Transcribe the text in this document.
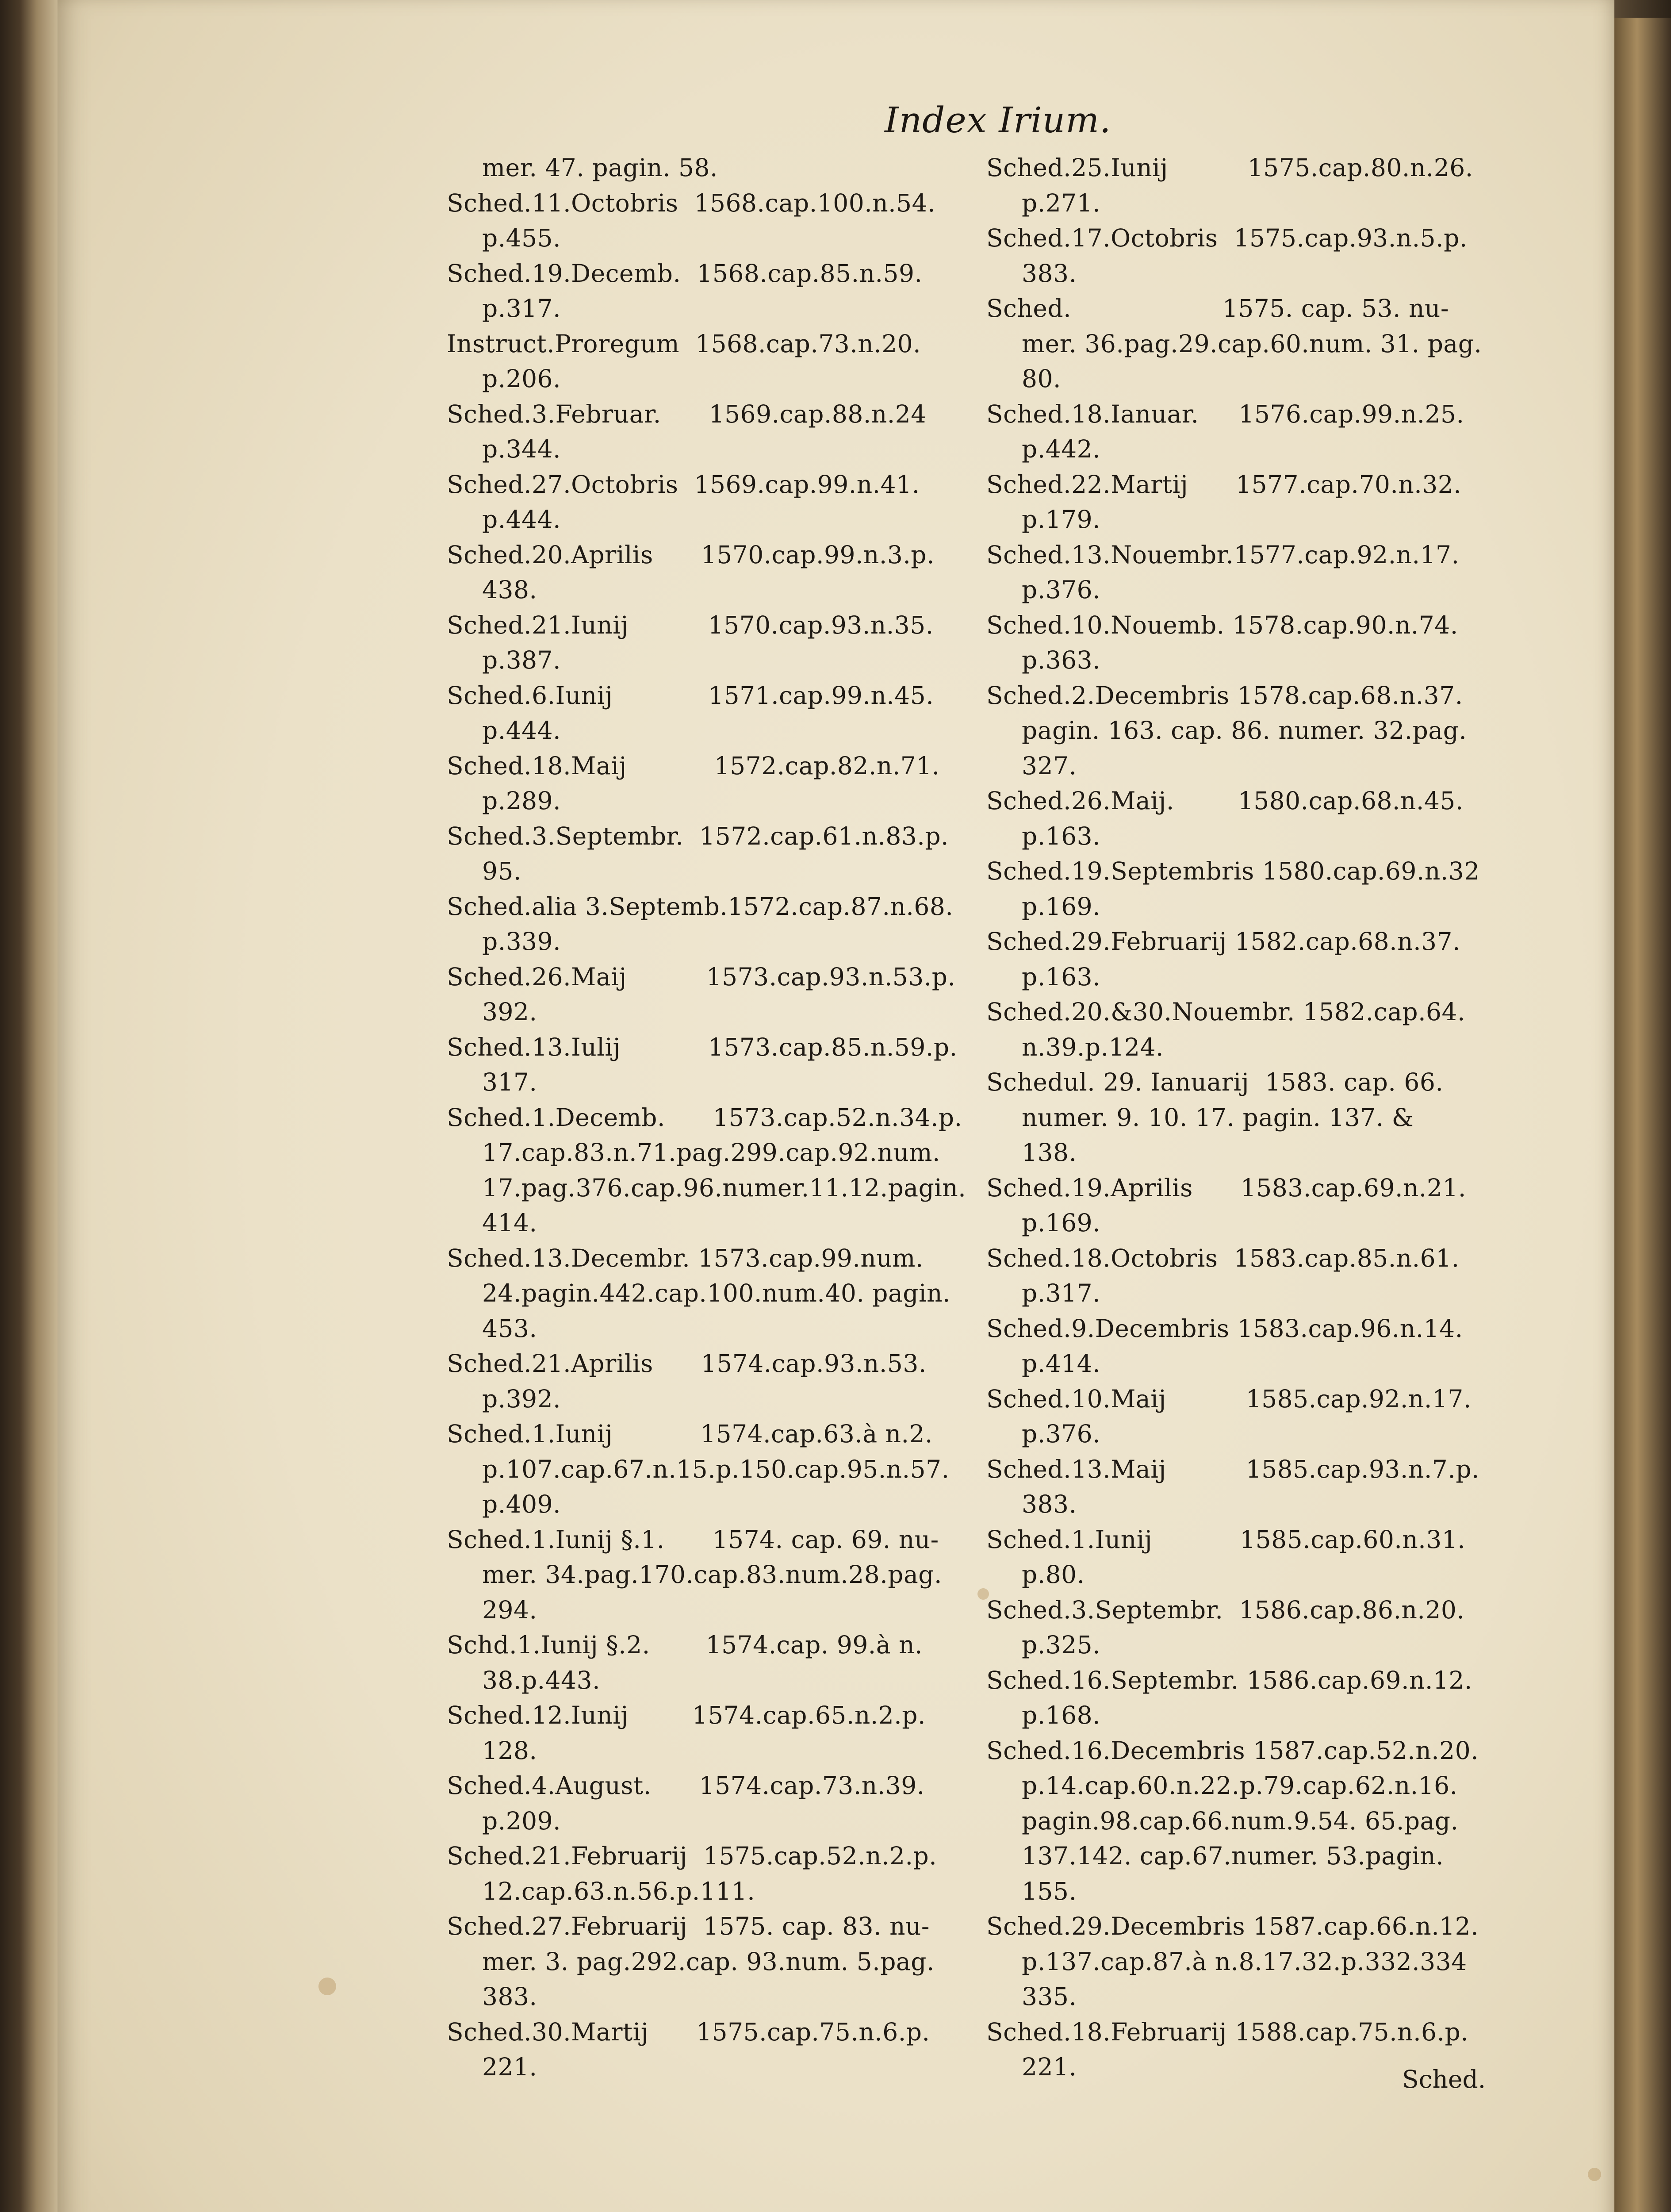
Index Irium.
mer. 47. pagin. 58.
Sched.11.Octobris  1568.cap.100.n.54.
p.455.
Sched.19.Decemb.  1568.cap.85.n.59.
p.317.
Instruct.Proregum  1568.cap.73.n.20.
p.206.
Sched.3.Februar.      1569.cap.88.n.24
p.344.
Sched.27.Octobris  1569.cap.99.n.41.
p.444.
Sched.20.Aprilis      1570.cap.99.n.3.p.
438.
Sched.21.Iunij          1570.cap.93.n.35.
p.387.
Sched.6.Iunij            1571.cap.99.n.45.
p.444.
Sched.18.Maij           1572.cap.82.n.71.
p.289.
Sched.3.Septembr.  1572.cap.61.n.83.p.
95.
Sched.alia 3.Septemb.1572.cap.87.n.68.
p.339.
Sched.26.Maij          1573.cap.93.n.53.p.
392.
Sched.13.Iulij           1573.cap.85.n.59.p.
317.
Sched.1.Decemb.      1573.cap.52.n.34.p.
17.cap.83.n.71.pag.299.cap.92.num.
17.pag.376.cap.96.numer.11.12.pagin.
414.
Sched.13.Decembr. 1573.cap.99.num.
24.pagin.442.cap.100.num.40. pagin.
453.
Sched.21.Aprilis      1574.cap.93.n.53.
p.392.
Sched.1.Iunij           1574.cap.63.à n.2.
p.107.cap.67.n.15.p.150.cap.95.n.57.
p.409.
Sched.1.Iunij §.1.      1574. cap. 69. nu-
mer. 34.pag.170.cap.83.num.28.pag.
294.
Schd.1.Iunij §.2.       1574.cap. 99.à n.
38.p.443.
Sched.12.Iunij        1574.cap.65.n.2.p.
128.
Sched.4.August.      1574.cap.73.n.39.
p.209.
Sched.21.Februarij  1575.cap.52.n.2.p.
12.cap.63.n.56.p.111.
Sched.27.Februarij  1575. cap. 83. nu-
mer. 3. pag.292.cap. 93.num. 5.pag.
383.
Sched.30.Martij      1575.cap.75.n.6.p.
221.
Sched.25.Iunij          1575.cap.80.n.26.
p.271.
Sched.17.Octobris  1575.cap.93.n.5.p.
383.
Sched.                   1575. cap. 53. nu-
mer. 36.pag.29.cap.60.num. 31. pag.
80.
Sched.18.Ianuar.     1576.cap.99.n.25.
p.442.
Sched.22.Martij      1577.cap.70.n.32.
p.179.
Sched.13.Nouembr.1577.cap.92.n.17.
p.376.
Sched.10.Nouemb. 1578.cap.90.n.74.
p.363.
Sched.2.Decembris 1578.cap.68.n.37.
pagin. 163. cap. 86. numer. 32.pag.
327.
Sched.26.Maij.        1580.cap.68.n.45.
p.163.
Sched.19.Septembris 1580.cap.69.n.32
p.169.
Sched.29.Februarij 1582.cap.68.n.37.
p.163.
Sched.20.&30.Nouembr. 1582.cap.64.
n.39.p.124.
Schedul. 29. Ianuarij  1583. cap. 66.
numer. 9. 10. 17. pagin. 137. &
138.
Sched.19.Aprilis      1583.cap.69.n.21.
p.169.
Sched.18.Octobris  1583.cap.85.n.61.
p.317.
Sched.9.Decembris 1583.cap.96.n.14.
p.414.
Sched.10.Maij          1585.cap.92.n.17.
p.376.
Sched.13.Maij          1585.cap.93.n.7.p.
383.
Sched.1.Iunij           1585.cap.60.n.31.
p.80.
Sched.3.Septembr.  1586.cap.86.n.20.
p.325.
Sched.16.Septembr. 1586.cap.69.n.12.
p.168.
Sched.16.Decembris 1587.cap.52.n.20.
p.14.cap.60.n.22.p.79.cap.62.n.16.
pagin.98.cap.66.num.9.54. 65.pag.
137.142. cap.67.numer. 53.pagin.
155.
Sched.29.Decembris 1587.cap.66.n.12.
p.137.cap.87.à n.8.17.32.p.332.334
335.
Sched.18.Februarij 1588.cap.75.n.6.p.
221.	Sched.
